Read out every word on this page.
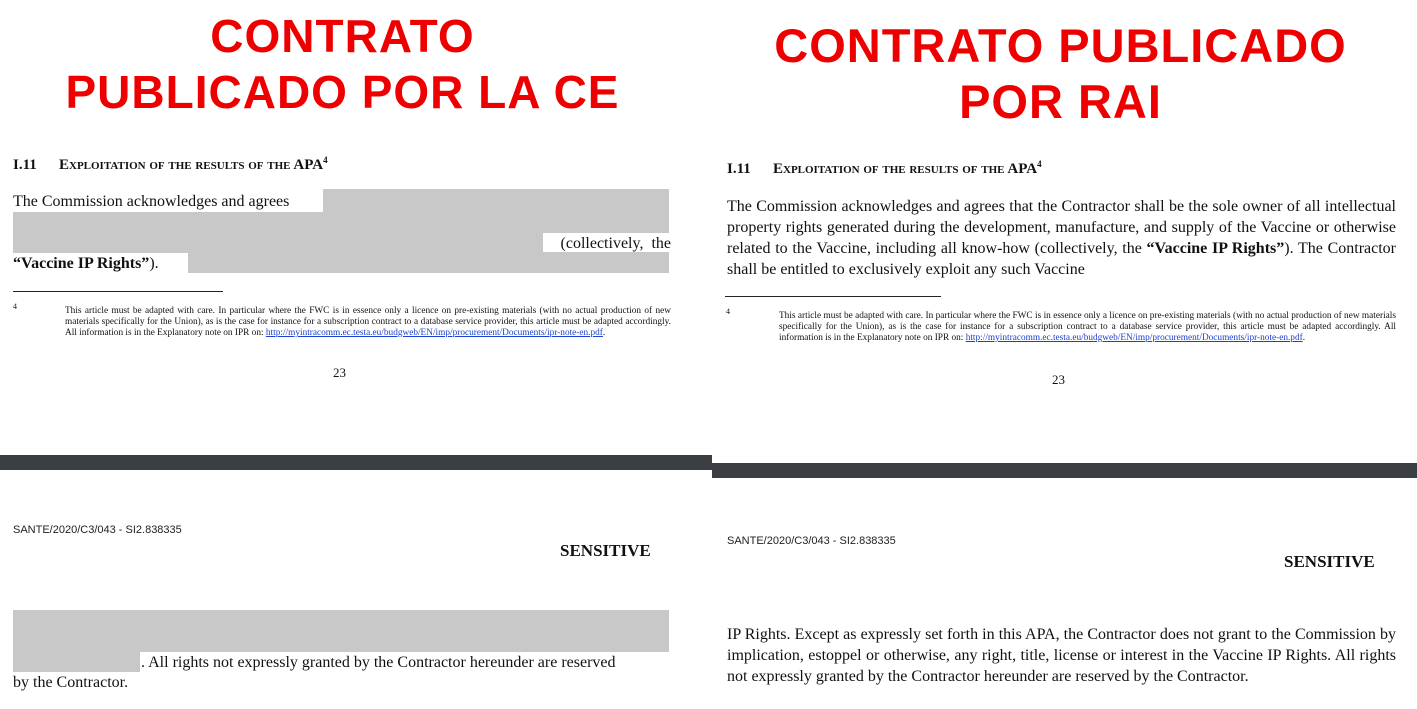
CONTRATO
PUBLICADO POR LA CE
I.11 Exploitation of the results of the APA$^4$
The Commission acknowledges and agrees
(collectively,  the
“Vaccine IP Rights”).
4	This article must be adapted with care. In particular where the FWC is in essence only a licence on pre-existing materials (with no actual production of new materials specifically for the Union), as is the case for instance for a subscription contract to a database service provider, this article must be adapted accordingly. All information is in the Explanatory note on IPR on: http://myintracomm.ec.testa.eu/budgweb/EN/imp/procurement/Documents/ipr-note-en.pdf.
23
SANTE/2020/C3/043 - SI2.838335
SENSITIVE
. All rights not expressly granted by the Contractor hereunder are reserved
by the Contractor.
CONTRATO PUBLICADO
POR RAI
I.11 Exploitation of the results of the APA$^4$
The Commission acknowledges and agrees that the Contractor shall be the sole owner of all intellectual property rights generated during the development, manufacture, and supply of the Vaccine or otherwise related to the Vaccine, including all know-how (collectively, the “Vaccine IP Rights”). The Contractor shall be entitled to exclusively exploit any such Vaccine
4	This article must be adapted with care. In particular where the FWC is in essence only a licence on pre-existing materials (with no actual production of new materials specifically for the Union), as is the case for instance for a subscription contract to a database service provider, this article must be adapted accordingly. All information is in the Explanatory note on IPR on: http://myintracomm.ec.testa.eu/budgweb/EN/imp/procurement/Documents/ipr-note-en.pdf.
23
SANTE/2020/C3/043 - SI2.838335
SENSITIVE
IP Rights. Except as expressly set forth in this APA, the Contractor does not grant to the Commission by implication, estoppel or otherwise, any right, title, license or interest in the Vaccine IP Rights. All rights not expressly granted by the Contractor hereunder are reserved by the Contractor.
